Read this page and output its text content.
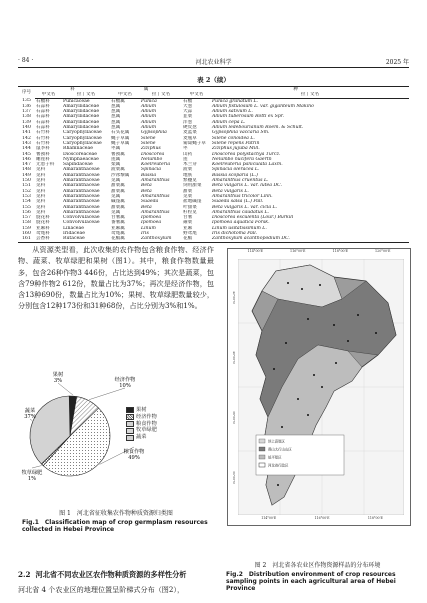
· 84 ·	河北农业科学	2025 年
表 2（续）
序号	科		属		种	
	中文名	拉丁文名	中文名	拉丁文名	中文名	拉丁文名
135	石榴科	Punicaceae	石榴属	Punica	石榴	Punica granatum L.
136	石蒜科	Amaryllidaceae	葱属	Allium	大葱	Allium fistulosum L. var. giganteum Makino
137	石蒜科	Amaryllidaceae	葱属	Allium	大蒜	Allium sativum L.
138	石蒜科	Amaryllidaceae	葱属	Allium	韭菜	Allium tuberosum Rottl ex Spr.
139	石蒜科	Amaryllidaceae	葱属	Allium	洋葱	Allium cepa L.
140	石蒜科	Amaryllidaceae	葱属	Allium	硬皮葱	Allium ledebourianum Roem. & Schult.
141	石竹科	Caryophyllaceae	石头花属	Gypsophila	麦蓝菜	Gypsophila vaccaria Sm.
142	石竹科	Caryophyllaceae	蝇子草属	Silene	麦瓶草	Silene conoidea L.
143	石竹科	Caryophyllaceae	蝇子草属	Silene	匍匐蝇子草	Silene repens Patrin
144	鼠李科	Rhamnaceae	枣属	Ziziphus	枣	Ziziphus jujuba Mill.
145	薯蓣科	Dioscoreaceae	薯蓣属	Dioscorea	山药	Dioscorea polystachya Turcz.
146	睡莲科	Nymphaeaceae	莲属	Nelumbo	莲	Nelumbo nucifera Gaertn
147	无患子科	Sapindaceae	栾属	Koelreuteria	木兰芽	Koelreuteria paniculata Laxm.
148	苋科	Amaranthaceae	菠菜属	Spinacia	菠菜	Spinacia oleracea L.
149	苋科	Amaranthaceae	沙冰藜属	Bassia	地肤	Bassia scoparia (L.)
150	苋科	Amaranthaceae	苋属	Amaranthus	繁穗苋	Amaranthus cruentus L.
151	苋科	Amaranthaceae	甜菜属	Beta	饲用甜菜	Beta vulgaris L. var. lutea DC.
152	苋科	Amaranthaceae	甜菜属	Beta	甜菜	Beta vulgaris L.
153	苋科	Amaranthaceae	苋属	Amaranthus	苋菜	Amaranthus tricolor Linn.
154	苋科	Amaranthaceae	碱蓬属	Suaeda	盐地碱蓬	Suaeda salsa (L.) Pall.
155	苋科	Amaranthaceae	甜菜属	Beta	叶甜菜	Beta vulgaris L. var. cicla L.
156	苋科	Amaranthaceae	苋属	Amaranthus	籽粒苋	Amaranthus caudatus L.
157	旋花科	Convolvulaceae	甘薯属	Ipomoea	甘薯	Dioscorea esculenta (Lour.) Burkill
158	旋花科	Convolvulaceae	番薯属	Ipomoea	蕹菜	Ipomoea aquatica Forsk.
159	亚麻科	Linaceae	亚麻属	Linum	亚麻	Linum usitatissimum L.
160	鸢尾科	Iridaceae	鸢尾属	Iris	野鸢尾	Iris dichotoma Pall.
161	芸香科	Rutaceae	花椒属	Zanthoxylum	花椒	Zanthoxylum acanthopodium DC.

从资源类型看，此次收集的农作物包含粮食作物、经济作物、蔬菜、牧草绿肥和果树（图1）。其中，粮食作物数量最多，包含26种作物3 446份，占比达到49%；其次是蔬菜，包含79种作物2 612份，数量占比为37%；再次是经济作物，包含13种690份，数量占比为10%；果树、牧草绿肥数量较少，分别包含12种173份和31种68份，占比分别为3%和1%。

果树
3%	经济作物
10%
粮食作物
49%
牧草绿肥
1%
蔬菜
37%
果树
经济作物
粮食作物
牧草绿肥
蔬菜
图 1　河北省征收集农作物种质资源归类图
Fig.1　Classification map of crop germplasm resources collected in Hebei Province
2.2 河北省不同农业区农作物种质资源的多样性分析
河北省 4 个农业区的地理位置呈阶梯式分布（图2），
114°00'E	116°00'E	118°00'E	120°00'E
42°00'N
40°00'N
38°00'N
36°00'N
坝上高原区
燕山太行山山区
低平原区
河北省行政区
114°00'E	116°00'E	118°00'E
图 2　河北省各农业区作物资源样品的分布环境
Fig.2　Distribution environment of crop resources sampling points in each agricultural area of Hebei Province
